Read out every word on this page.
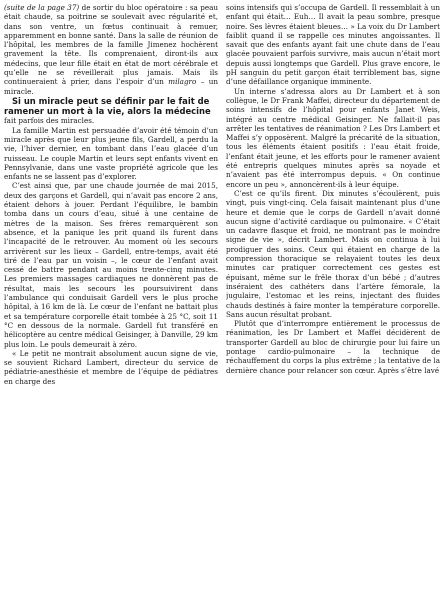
(suite de la page 37) de sortir du bloc opératoire : sa peau était chaude, sa poitrine se soulevait avec régularité et, dans son ventre, un fœtus continuait à remuer, apparemment en bonne santé. Dans la salle de réunion de l’hôpital, les membres de la famille Jimenez hochèrent gravement la tête. Ils comprenaient, diront-ils aux médecins, que leur fille était en état de mort cérébrale et qu’elle ne se réveillerait plus jamais. Mais ils continueraient à prier, dans l’espoir d’un milagro – un miracle.

Si un miracle peut se définir par le fait de ramener un mort à la vie, alors la médecine

fait parfois des miracles.

La famille Martin est persuadée d’avoir été témoin d’un miracle après que leur plus jeune fils, Gardell, a perdu la vie, l’hiver dernier, en tombant dans l’eau glacée d’un ruisseau. Le couple Martin et leurs sept enfants vivent en Pennsylvanie, dans une vaste propriété agricole que les enfants ne se lassent pas d’explorer.

C’est ainsi que, par une chaude journée de mai 2015, deux des garçons et Gardell, qui n’avait pas encore 2 ans, étaient dehors à jouer. Perdant l’équilibre, le bambin tomba dans un cours d’eau, situé à une centaine de mètres de la maison. Ses frères remarquèrent son absence, et la panique les prit quand ils furent dans l’incapacité de le retrouver. Au moment où les secours arrivèrent sur les lieux – Gardell, entre-temps, avait été tiré de l’eau par un voisin –, le cœur de l’enfant avait cessé de battre pendant au moins trente-cinq minutes. Les premiers massages cardiaques ne donnèrent pas de résultat, mais les secours les poursuivirent dans l’ambulance qui conduisait Gardell vers le plus proche hôpital, à 16 km de là. Le cœur de l’enfant ne battait plus et sa température corporelle était tombée à 25 °C, soit 11 °C en dessous de la normale. Gardell fut transféré en hélicoptère au centre médical Geisinger, à Danville, 29 km plus loin. Le pouls demeurait à zéro.

« Le petit ne montrait absolument aucun signe de vie, se souvient Richard Lambert, directeur du service de pédiatrie-anesthésie et membre de l’équipe de pédiatres en charge des

soins intensifs qui s’occupa de Gardell. Il ressemblait à un enfant qui était… Euh… Il avait la peau sombre, presque noire. Ses lèvres étaient bleues… » La voix du Dr Lambert faiblit quand il se rappelle ces minutes angoissantes. Il savait que des enfants ayant fait une chute dans de l’eau glacée pouvaient parfois survivre, mais aucun n’était mort depuis aussi longtemps que Gardell. Plus grave encore, le pH sanguin du petit garçon était terriblement bas, signe d’une défaillance organique imminente.

Un interne s’adressa alors au Dr Lambert et à son collègue, le Dr Frank Maffei, directeur du département de soins intensifs de l’hôpital pour enfants Janet Weis, intégré au centre médical Geisinger. Ne fallait-il pas arrêter les tentatives de réanimation ? Les Drs Lambert et Maffei s’y opposèrent. Malgré la précarité de la situation, tous les éléments étaient positifs : l’eau était froide, l’enfant était jeune, et les efforts pour le ramener avaient été entrepris quelques minutes après sa noyade et n’avaient pas été interrompus depuis. « On continue encore un peu », annoncèrent-ils à leur équipe.

C’est ce qu’ils firent. Dix minutes s’écoulèrent, puis vingt, puis vingt-cinq. Cela faisait maintenant plus d’une heure et demie que le corps de Gardell n’avait donné aucun signe d’activité cardiaque ou pulmonaire. « C’était un cadavre flasque et froid, ne montrant pas le moindre signe de vie », décrit Lambert. Mais on continua à lui prodiguer des soins. Ceux qui étaient en charge de la compression thoracique se relayaient toutes les deux minutes car pratiquer correctement ces gestes est épuisant, même sur le frêle thorax d’un bébé ; d’autres inséraient des cathéters dans l’artère fémorale, la jugulaire, l’estomac et les reins, injectant des fluides chauds destinés à faire monter la température corporelle. Sans aucun résultat probant.

Plutôt que d’interrompre entièrement le processus de réanimation, les Dr Lambert et Maffei décidèrent de transporter Gardell au bloc de chirurgie pour lui faire un pontage cardio-pulmonaire – la technique de réchauffement du corps la plus extrême ; la tentative de la dernière chance pour relancer son cœur. Après s’être lavé
